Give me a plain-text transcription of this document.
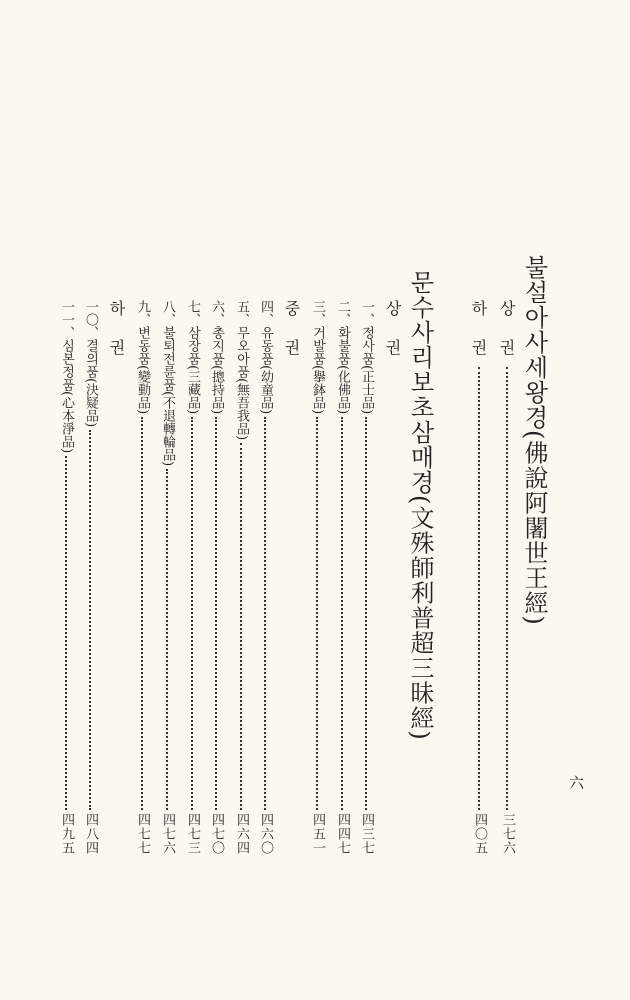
불설아사세왕경(佛說阿闍世王經)
상 권
三七六
하 권
四〇五
문수사리보초삼매경(文殊師利普超三昧經)
상 권
一、정사품(正士品)
四三七
二、화불품(化佛品)
四四七
三、거발품(擧鉢品)
四五一
중 권
四、유동품(幼童品)
四六〇
五、무오아품(無吾我品)
四六四
六、총지품(摠持品)
四七〇
七、삼장품(三藏品)
四七三
八、불퇴전륜품(不退轉輪品)
四七六
九、변동품(變動品)
四七七
하 권
一〇、결의품(決疑品)
四八四
一一、심본정품(心本淨品)
四九五
六
